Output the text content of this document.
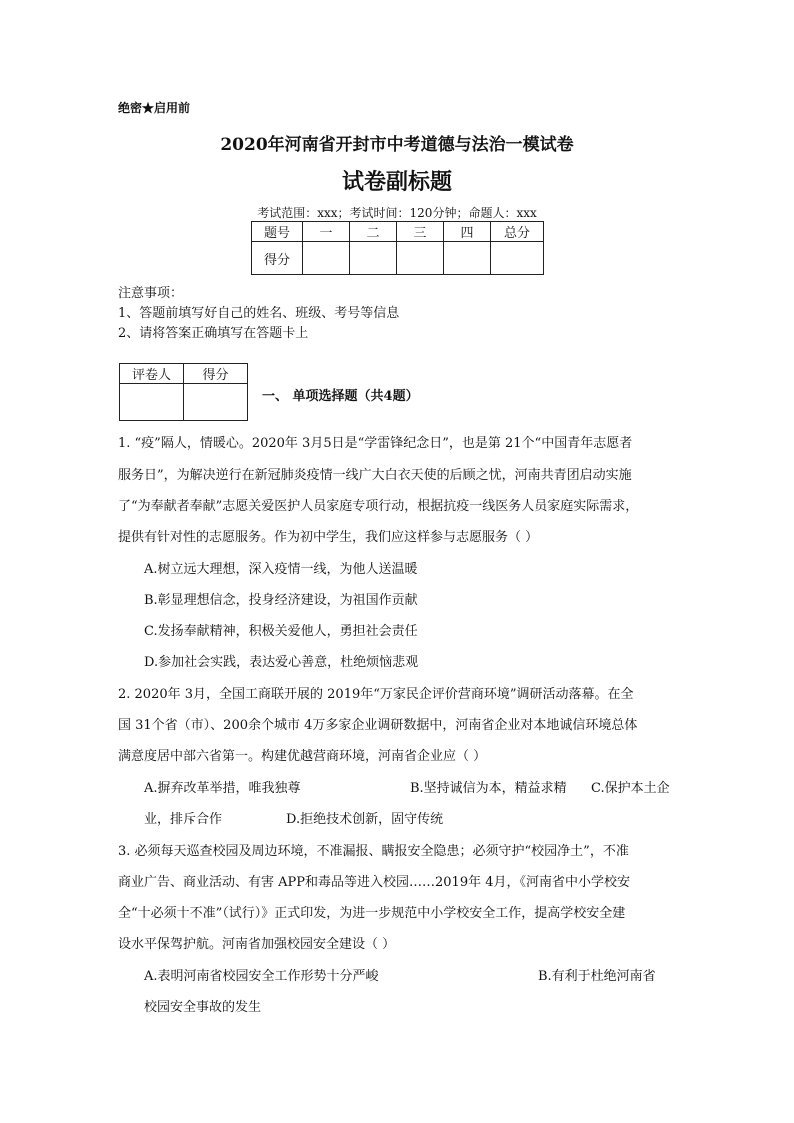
绝密★启用前
2020年河南省开封市中考道德与法治一模试卷
试卷副标题
考试范围：xxx；考试时间：120分钟；命题人：xxx
题号	一	二	三	四	总分
得分					
注意事项：
1、答题前填写好自己的姓名、班级、考号等信息
2、请将答案正确填写在答题卡上
评卷人	得分

一、 单项选择题（共4题）
1. “疫”隔人，情暖心。2020年 3月5日是“学雷锋纪念日”，也是第 21个“中国青年志愿者
服务日”，为解决逆行在新冠肺炎疫情一线广大白衣天使的后顾之忧，河南共青团启动实施
了“为奉献者奉献”志愿关爱医护人员家庭专项行动，根据抗疫一线医务人员家庭实际需求，
提供有针对性的志愿服务。作为初中学生，我们应这样参与志愿服务（ ）
A.树立远大理想，深入疫情一线，为他人送温暖
B.彰显理想信念，投身经济建设，为祖国作贡献
C.发扬奉献精神，积极关爱他人，勇担社会责任
D.参加社会实践，表达爱心善意，杜绝烦恼悲观
2. 2020年 3月，全国工商联开展的 2019年“万家民企评价营商环境”调研活动落幕。在全
国 31个省（市）、200余个城市 4万多家企业调研数据中，河南省企业对本地诚信环境总体
满意度居中部六省第一。构建优越营商环境，河南省企业应（ ）
A.摒弃改革举措，唯我独尊	B.坚持诚信为本，精益求精 C.保护本土企
业，排斥合作	D.拒绝技术创新，固守传统
3. 必须每天巡查校园及周边环境，不准漏报、瞒报安全隐患；必须守护“校园净土”，不准
商业广告、商业活动、有害 APP和毒品等进入校园……2019年 4月，《河南省中小学校安
全“十必须十不准”（试行）》正式印发，为进一步规范中小学校安全工作，提高学校安全建
设水平保驾护航。河南省加强校园安全建设（ ）
A.表明河南省校园安全工作形势十分严峻	B.有利于杜绝河南省
校园安全事故的发生
